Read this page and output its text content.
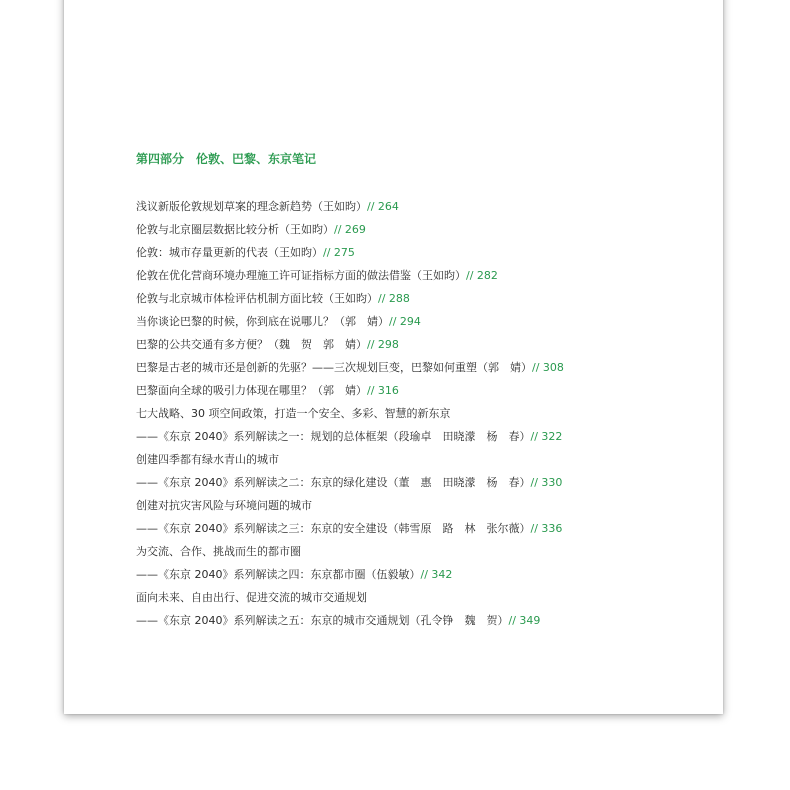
第四部分　伦敦、巴黎、东京笔记
浅议新版伦敦规划草案的理念新趋势（王如昀）// 264
伦敦与北京圈层数据比较分析（王如昀）// 269
伦敦：城市存量更新的代表（王如昀）// 275
伦敦在优化营商环境办理施工许可证指标方面的做法借鉴（王如昀）// 282
伦敦与北京城市体检评估机制方面比较（王如昀）// 288
当你谈论巴黎的时候，你到底在说哪儿？（郭　婧）// 294
巴黎的公共交通有多方便？（魏　贺　郭　婧）// 298
巴黎是古老的城市还是创新的先驱？——三次规划巨变，巴黎如何重塑（郭　婧）// 308
巴黎面向全球的吸引力体现在哪里？（郭　婧）// 316
七大战略、30 项空间政策，打造一个安全、多彩、智慧的新东京
——《东京 2040》系列解读之一：规划的总体框架（段瑜卓　田晓濛　杨　春）// 322
创建四季都有绿水青山的城市
——《东京 2040》系列解读之二：东京的绿化建设（董　惠　田晓濛　杨　春）// 330
创建对抗灾害风险与环境问题的城市
——《东京 2040》系列解读之三：东京的安全建设（韩雪原　路　林　张尔薇）// 336
为交流、合作、挑战而生的都市圈
——《东京 2040》系列解读之四：东京都市圈（伍毅敏）// 342
面向未来、自由出行、促进交流的城市交通规划
——《东京 2040》系列解读之五：东京的城市交通规划（孔令铮　魏　贺）// 349
